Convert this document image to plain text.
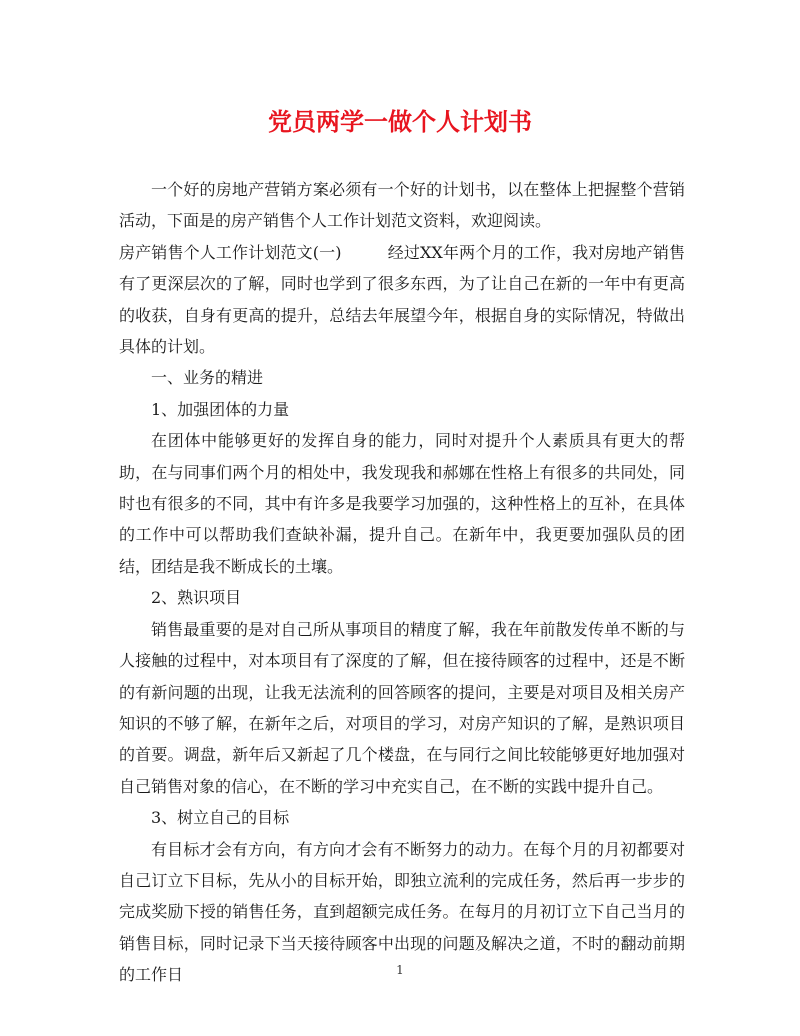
党员两学一做个人计划书

一个好的房地产营销方案必须有一个好的计划书，以在整体上把握整个营销活动，下面是的房产销售个人工作计划范文资料，欢迎阅读。

房产销售个人工作计划范文(一)	经过XX年两个月的工作，我对房地产销售有了更深层次的了解，同时也学到了很多东西，为了让自己在新的一年中有更高的收获，自身有更高的提升，总结去年展望今年，根据自身的实际情况，特做出具体的计划。

一、业务的精进

1、加强团体的力量

在团体中能够更好的发挥自身的能力，同时对提升个人素质具有更大的帮助，在与同事们两个月的相处中，我发现我和郝娜在性格上有很多的共同处，同时也有很多的不同，其中有许多是我要学习加强的，这种性格上的互补，在具体的工作中可以帮助我们查缺补漏，提升自己。在新年中，我更要加强队员的团结，团结是我不断成长的土壤。

2、熟识项目

销售最重要的是对自己所从事项目的精度了解，我在年前散发传单不断的与人接触的过程中，对本项目有了深度的了解，但在接待顾客的过程中，还是不断的有新问题的出现，让我无法流利的回答顾客的提问，主要是对项目及相关房产知识的不够了解，在新年之后，对项目的学习，对房产知识的了解，是熟识项目的首要。调盘，新年后又新起了几个楼盘，在与同行之间比较能够更好地加强对自己销售对象的信心，在不断的学习中充实自己，在不断的实践中提升自己。

3、树立自己的目标

有目标才会有方向，有方向才会有不断努力的动力。在每个月的月初都要对自己订立下目标，先从小的目标开始，即独立流利的完成任务，然后再一步步的完成奖励下授的销售任务，直到超额完成任务。在每月的月初订立下自己当月的销售目标，同时记录下当天接待顾客中出现的问题及解决之道，不时的翻动前期的工作日	1
